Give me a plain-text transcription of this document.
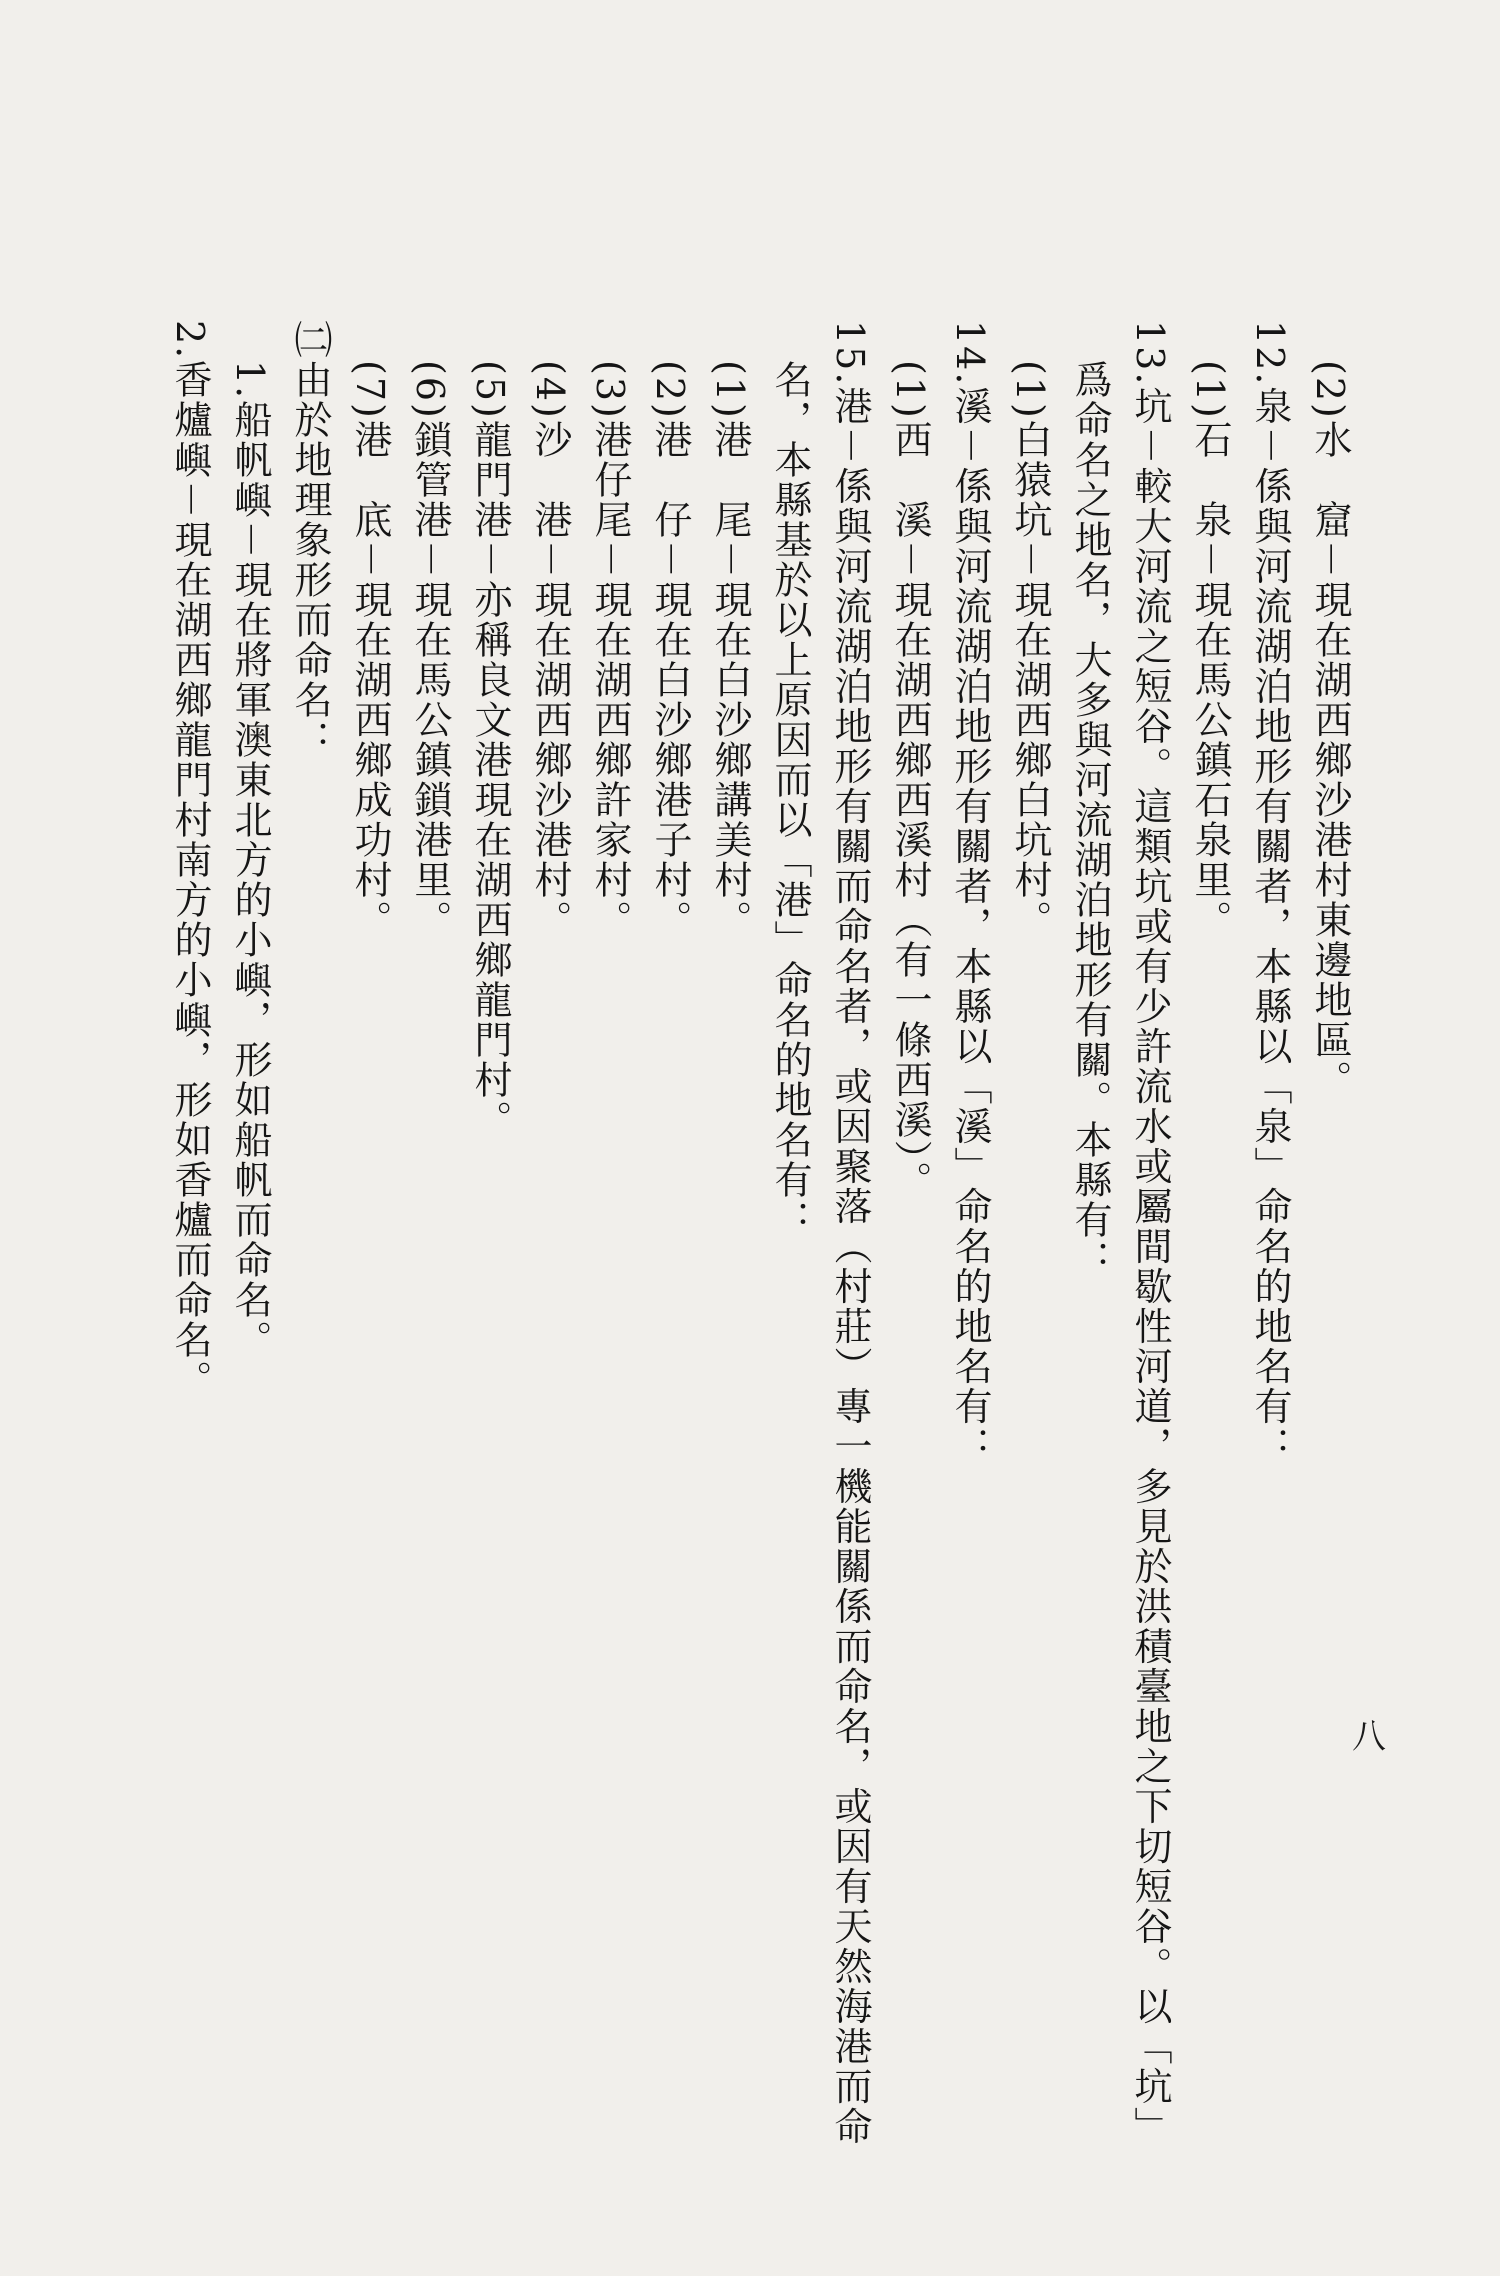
八
(2)水　窟－現在湖西鄉沙港村東邊地區。
12.泉－係與河流湖泊地形有關者，本縣以「泉」命名的地名有：
(1)石　泉－現在馬公鎮石泉里。
13.坑－較大河流之短谷。這類坑或有少許流水或屬間歇性河道，多見於洪積臺地之下切短谷。以「坑」
爲命名之地名，大多與河流湖泊地形有關。本縣有：
(1)白猿坑－現在湖西鄉白坑村。
14.溪－係與河流湖泊地形有關者，本縣以「溪」命名的地名有：
(1)西　溪－現在湖西鄉西溪村（有一條西溪）。
15.港－係與河流湖泊地形有關而命名者，或因聚落（村莊）專一機能關係而命名，或因有天然海港而命
名，本縣基於以上原因而以「港」命名的地名有：
(1)港　尾－現在白沙鄉講美村。
(2)港　仔－現在白沙鄉港子村。
(3)港仔尾－現在湖西鄉許家村。
(4)沙　港－現在湖西鄉沙港村。
(5)龍門港－亦稱良文港現在湖西鄉龍門村。
(6)鎖管港－現在馬公鎮鎖港里。
(7)港　底－現在湖西鄉成功村。
㈡由於地理象形而命名：
1.船帆嶼－現在將軍澳東北方的小嶼，形如船帆而命名。
2.香爐嶼－現在湖西鄉龍門村南方的小嶼，形如香爐而命名。
